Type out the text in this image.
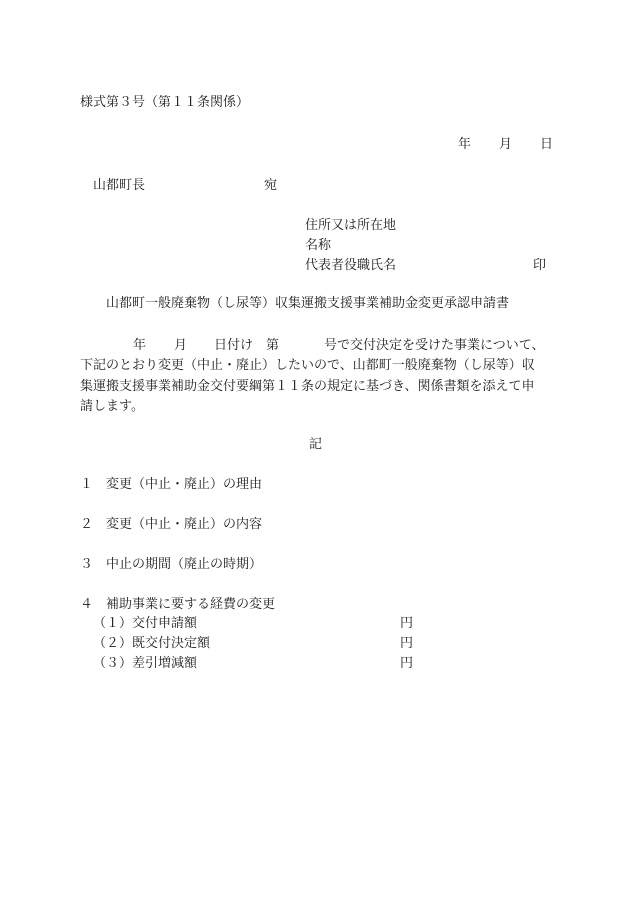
様式第３号（第１１条関係）
年 月 日
山都町長	宛
住所又は所在地
名称
代表者役職氏名	印
山都町一般廃棄物（し尿等）収集運搬支援事業補助金変更承認申請書
年 月 日付け 第	号で交付決定を受けた事業について、
下記のとおり変更（中止・廃止）したいので、山都町一般廃棄物（し尿等）収
集運搬支援事業補助金交付要綱第１１条の規定に基づき、関係書類を添えて申
請します。
記
１ 変更（中止・廃止）の理由
２ 変更（中止・廃止）の内容
３ 中止の期間（廃止の時期）
４ 補助事業に要する経費の変更
（１）交付申請額	円
（２）既交付決定額	円
（３）差引増減額	円
